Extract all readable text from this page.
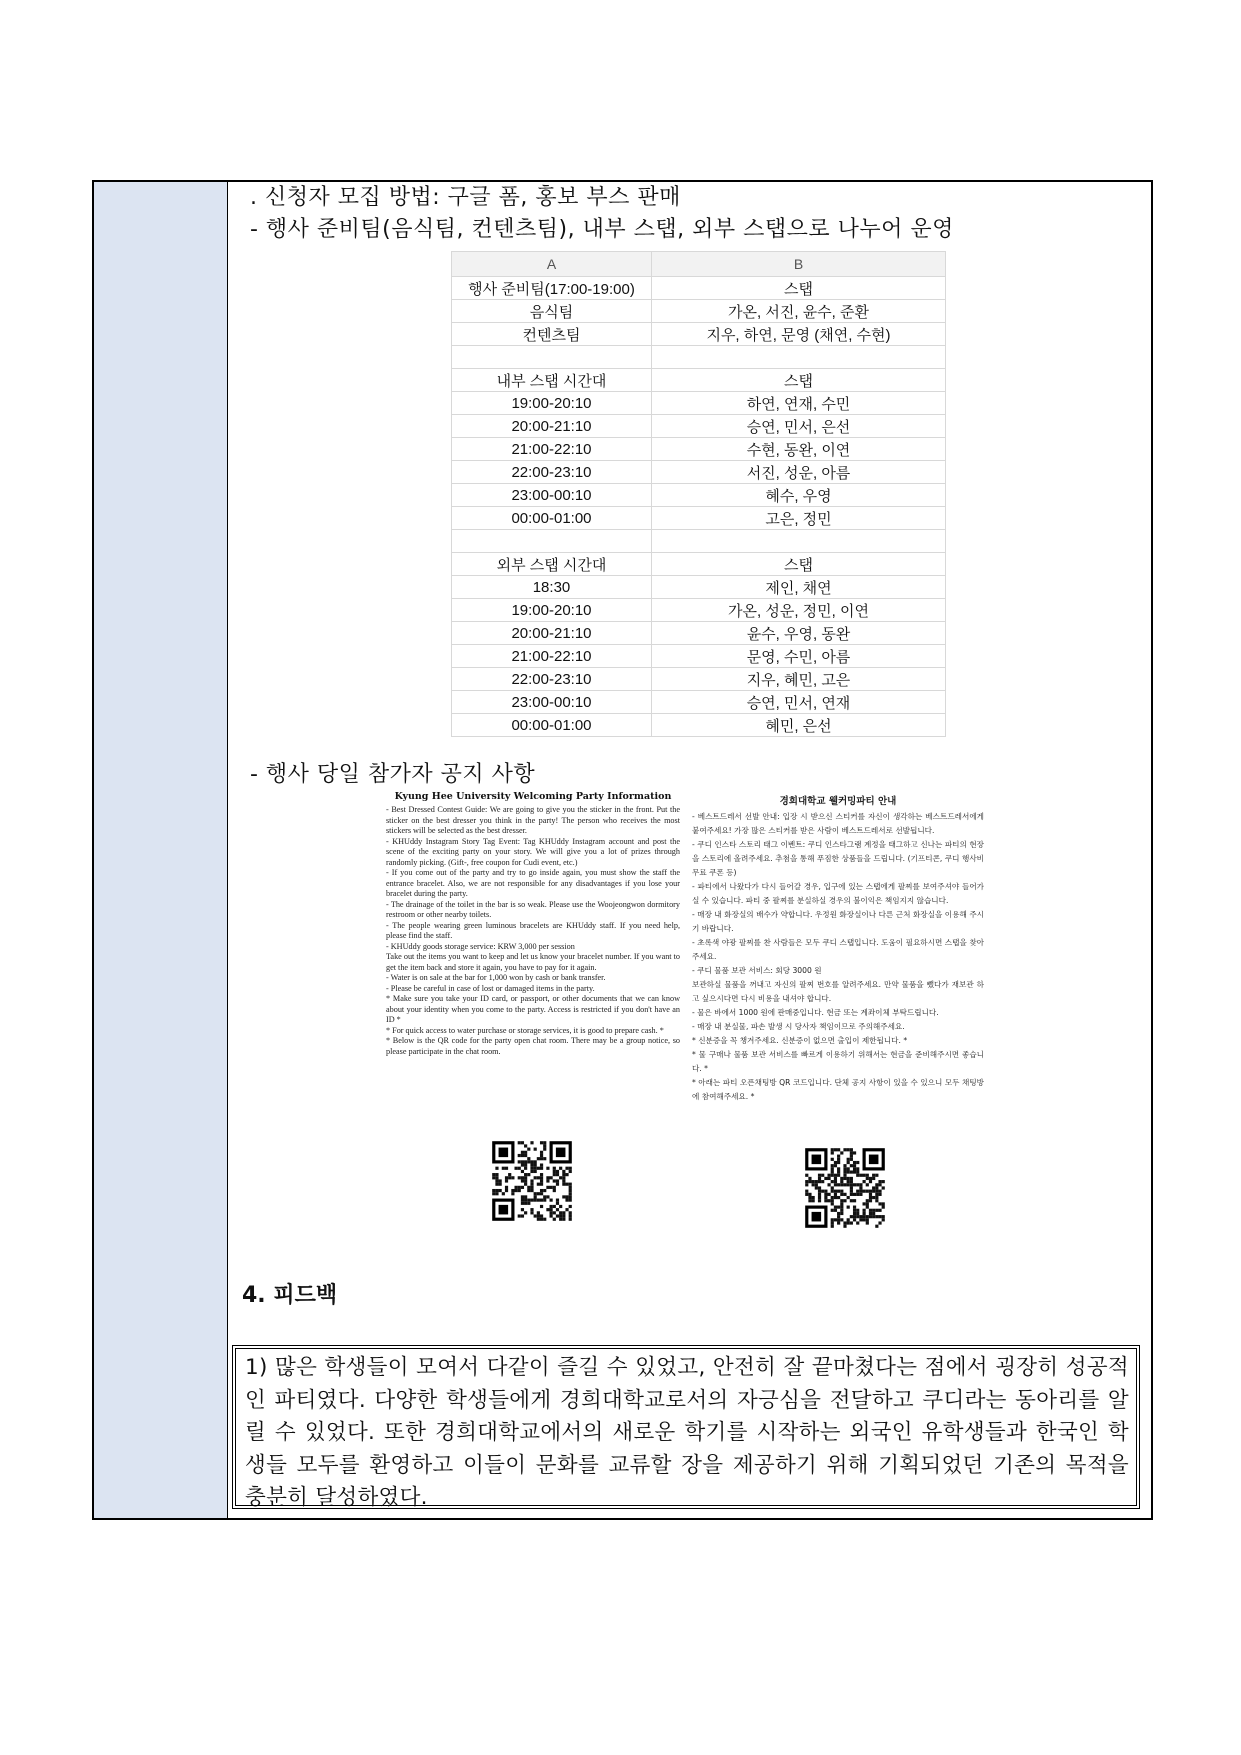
. 신청자 모집 방법: 구글 폼, 홍보 부스 판매
- 행사 준비팀(음식팀, 컨텐츠팀), 내부 스탭, 외부 스탭으로 나누어 운영
A	B
행사 준비팀(17:00-19:00)	스탭
음식팀	가온, 서진, 윤수, 준환
컨텐츠팀	지우, 하연, 문영 (채연, 수현)

내부 스탭 시간대	스탭
19:00-20:10	하연, 연재, 수민
20:00-21:10	승연, 민서, 은선
21:00-22:10	수현, 동완, 이연
22:00-23:10	서진, 성운, 아름
23:00-00:10	혜수, 우영
00:00-01:00	고은, 정민

외부 스탭 시간대	스탭
18:30	제인, 채연
19:00-20:10	가온, 성운, 정민, 이연
20:00-21:10	윤수, 우영, 동완
21:00-22:10	문영, 수민, 아름
22:00-23:10	지우, 혜민, 고은
23:00-00:10	승연, 민서, 연재
00:00-01:00	혜민, 은선
- 행사 당일 참가자 공지 사항
Kyung Hee University Welcoming Party Information

- Best Dressed Contest Guide: We are going to give you the sticker in the front. Put the sticker on the best dresser you think in the party! The person who receives the most stickers will be selected as the best dresser.

- KHUddy Instagram Story Tag Event: Tag KHUddy Instagram account and post the scene of the exciting party on your story. We will give you a lot of prizes through randomly picking. (Gift-, free coupon for Cudi event, etc.)

- If you come out of the party and try to go inside again, you must show the staff the entrance bracelet. Also, we are not responsible for any disadvantages if you lose your bracelet during the party.

- The drainage of the toilet in the bar is so weak. Please use the Woojeongwon dormitory restroom or other nearby toilets.

- The people wearing green luminous bracelets are KHUddy staff. If you need help, please find the staff.

- KHUddy goods storage service: KRW 3,000 per session

Take out the items you want to keep and let us know your bracelet number. If you want to get the item back and store it again, you have to pay for it again.

- Water is on sale at the bar for 1,000 won by cash or bank transfer.

- Please be careful in case of lost or damaged items in the party.

* Make sure you take your ID card, or passport, or other documents that we can know about your identity when you come to the party. Access is restricted if you don't have an ID *

* For quick access to water purchase or storage services, it is good to prepare cash. *

* Below is the QR code for the party open chat room. There may be a group notice, so please participate in the chat room.

경희대학교 웰커밍파티 안내

- 베스트드레서 선발 안내: 입장 시 받으신 스티커를 자신이 생각하는 베스트드레서에게 붙여주세요! 가장 많은 스티커를 받은 사람이 베스트드레서로 선발됩니다.

- 쿠디 인스타 스토리 태그 이벤트: 쿠디 인스타그램 계정을 태그하고 신나는 파티의 현장을 스토리에 올려주세요. 추첨을 통해 푸짐한 상품들을 드립니다. (기프티콘, 쿠디 행사비 무료 쿠폰 등)

- 파티에서 나왔다가 다시 들어갈 경우, 입구에 있는 스탭에게 팔찌를 보여주셔야 들어가실 수 있습니다. 파티 중 팔찌를 분실하실 경우의 불이익은 책임지지 않습니다.

- 매장 내 화장실의 배수가 약합니다. 우정원 화장실이나 다른 근처 화장실을 이용해 주시기 바랍니다.

- 초록색 야광 팔찌를 찬 사람들은 모두 쿠디 스탭입니다. 도움이 필요하시면 스탭을 찾아주세요.

- 쿠디 물품 보관 서비스: 회당 3000 원

보관하실 물품을 꺼내고 자신의 팔찌 번호를 알려주세요. 만약 물품을 뺐다가 재보관 하고 싶으시다면 다시 비용을 내셔야 합니다.

- 물은 바에서 1000 원에 판매중입니다. 현금 또는 계좌이체 부탁드립니다.

- 매장 내 분실물, 파손 발생 시 당사자 책임이므로 주의해주세요.

* 신분증을 꼭 챙겨주세요. 신분증이 없으면 출입이 제한됩니다. *

* 물 구매나 물품 보관 서비스를 빠르게 이용하기 위해서는 현금을 준비해주시면 좋습니다. *

* 아래는 파티 오픈채팅방 QR 코드입니다. 단체 공지 사항이 있을 수 있으니 모두 채팅방에 참여해주세요. *

4. 피드백
1) 많은 학생들이 모여서 다같이 즐길 수 있었고, 안전히 잘 끝마쳤다는 점에서 굉장히 성공적인 파티였다. 다양한 학생들에게 경희대학교로서의 자긍심을 전달하고 쿠디라는 동아리를 알릴 수 있었다. 또한 경희대학교에서의 새로운 학기를 시작하는 외국인 유학생들과 한국인 학생들 모두를 환영하고 이들이 문화를 교류할 장을 제공하기 위해 기획되었던 기존의 목적을 충분히 달성하였다.
